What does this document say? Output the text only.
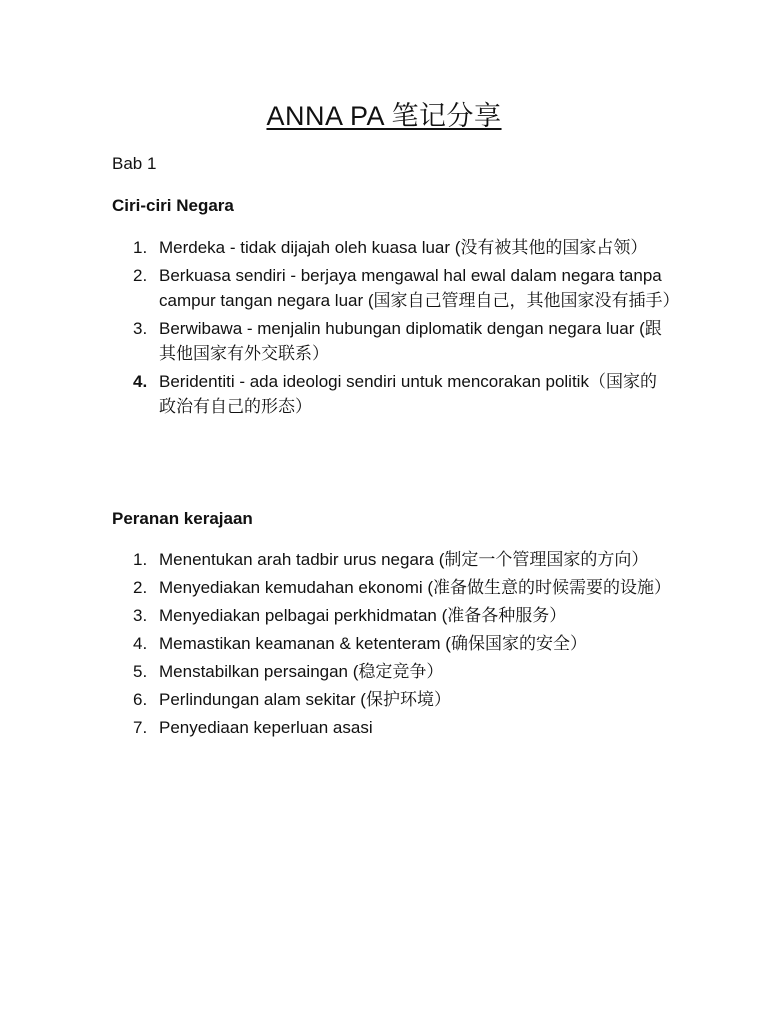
ANNA PA 笔记分享
Bab 1
Ciri-ciri Negara
1. Merdeka - tidak dijajah oleh kuasa luar (没有被其他的国家占领）
2. Berkuasa sendiri - berjaya mengawal hal ewal dalam negara tanpa campur tangan negara luar (国家自己管理自己，其他国家没有插手）
3. Berwibawa - menjalin hubungan diplomatik dengan negara luar (跟其他国家有外交联系）
4. Beridentiti - ada ideologi sendiri untuk mencorakan politik（国家的政治有自己的形态）
Peranan kerajaan
1. Menentukan arah tadbir urus negara (制定一个管理国家的方向）
2. Menyediakan kemudahan ekonomi (准备做生意的时候需要的设施）
3. Menyediakan pelbagai perkhidmatan (准备各种服务）
4. Memastikan keamanan & ketenteram (确保国家的安全）
5. Menstabilkan persaingan (稳定竞争）
6. Perlindungan alam sekitar (保护环境）
7. Penyediaan keperluan asasi
